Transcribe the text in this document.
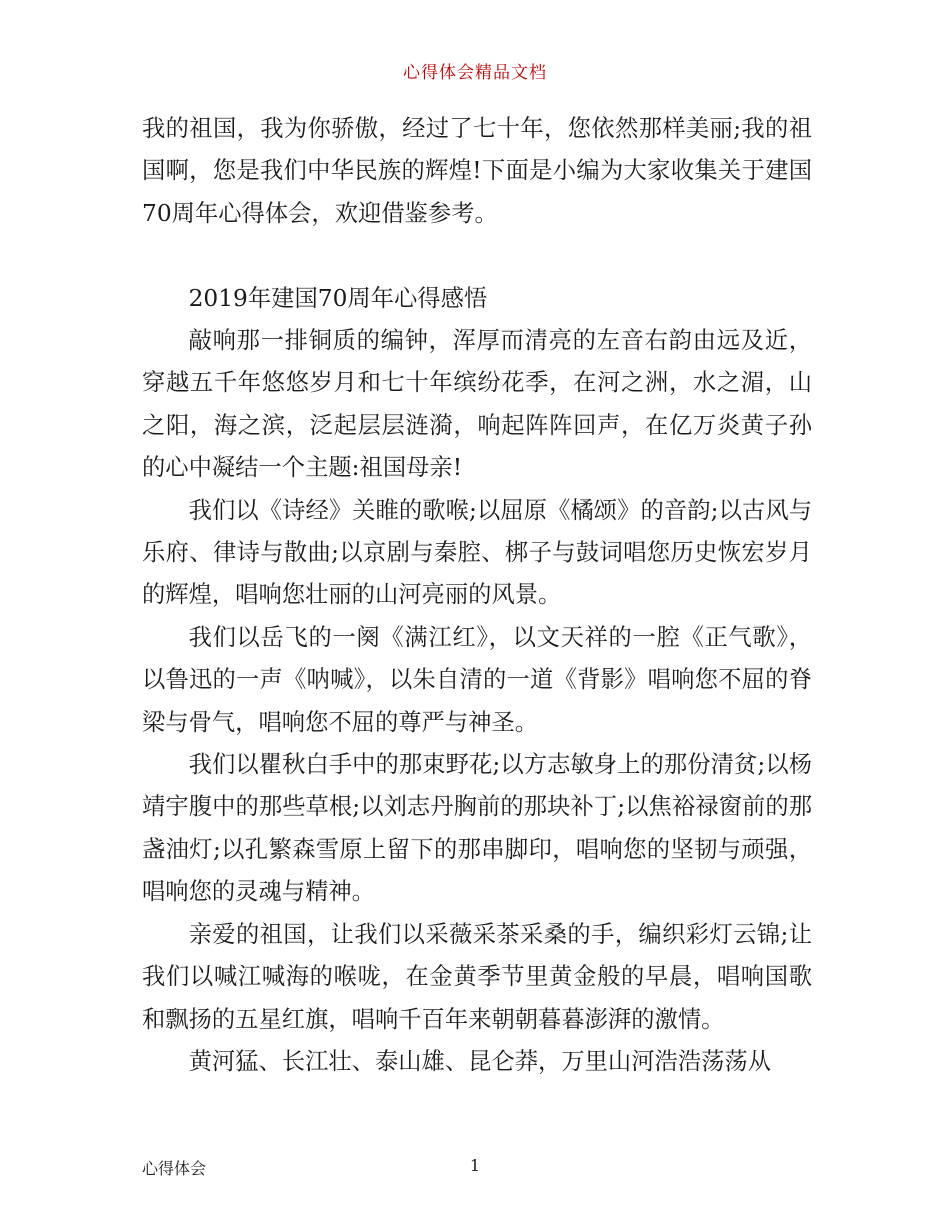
心得体会精品文档

我的祖国，我为你骄傲，经过了七十年，您依然那样美丽;我的祖国啊，您是我们中华民族的辉煌!下面是小编为大家收集关于建国70周年心得体会，欢迎借鉴参考。

2019年建国70周年心得感悟

敲响那一排铜质的编钟，浑厚而清亮的左音右韵由远及近，穿越五千年悠悠岁月和七十年缤纷花季，在河之洲，水之湄，山之阳，海之滨，泛起层层涟漪，响起阵阵回声，在亿万炎黄子孙的心中凝结一个主题:祖国母亲!

我们以《诗经》关睢的歌喉;以屈原《橘颂》的音韵;以古风与乐府、律诗与散曲;以京剧与秦腔、梆子与鼓词唱您历史恢宏岁月的辉煌，唱响您壮丽的山河亮丽的风景。

我们以岳飞的一阕《满江红》，以文天祥的一腔《正气歌》，以鲁迅的一声《呐喊》，以朱自清的一道《背影》唱响您不屈的脊梁与骨气，唱响您不屈的尊严与神圣。

我们以瞿秋白手中的那束野花;以方志敏身上的那份清贫;以杨靖宇腹中的那些草根;以刘志丹胸前的那块补丁;以焦裕禄窗前的那盏油灯;以孔繁森雪原上留下的那串脚印，唱响您的坚韧与顽强，唱响您的灵魂与精神。

亲爱的祖国，让我们以采薇采茶采桑的手，编织彩灯云锦;让我们以喊江喊海的喉咙，在金黄季节里黄金般的早晨，唱响国歌和飘扬的五星红旗，唱响千百年来朝朝暮暮澎湃的激情。

黄河猛、长江壮、泰山雄、昆仑莽，万里山河浩浩荡荡从

心得体会	1
